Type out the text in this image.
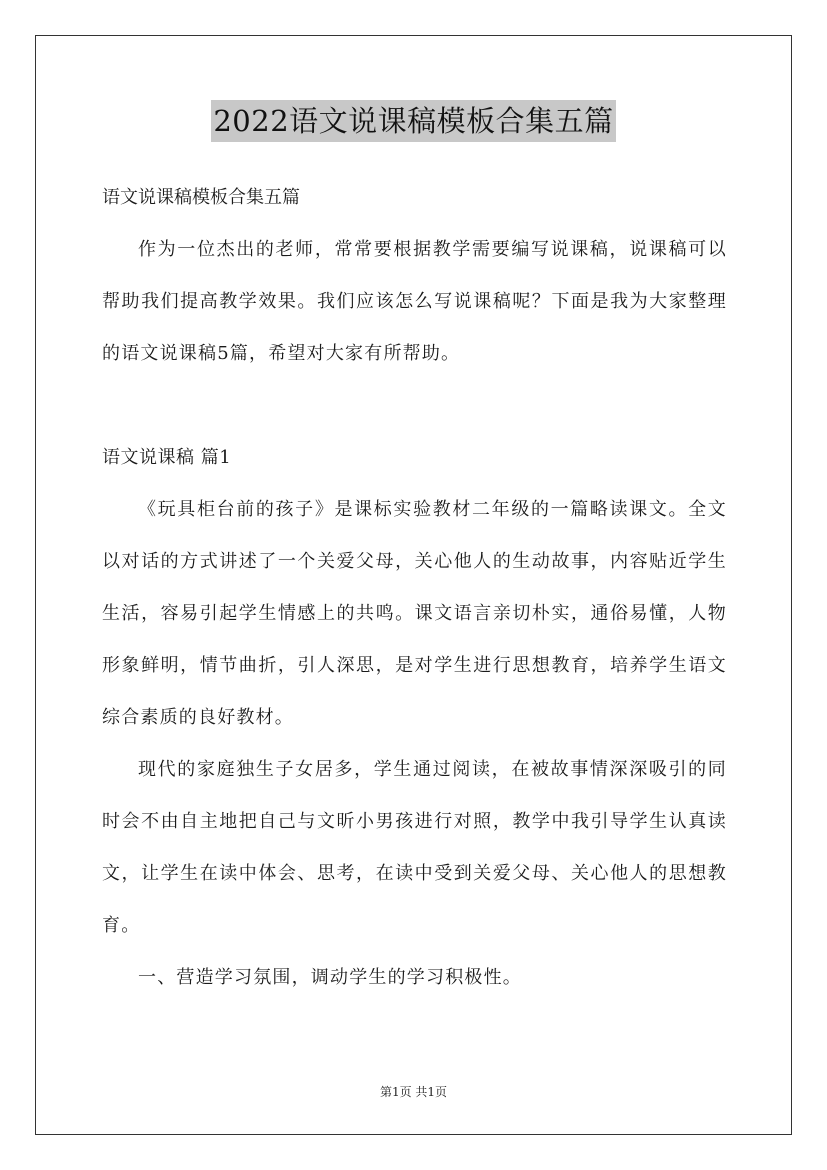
2022语文说课稿模板合集五篇

语文说课稿模板合集五篇

作为一位杰出的老师，常常要根据教学需要编写说课稿，说课稿可以帮助我们提高教学效果。我们应该怎么写说课稿呢？下面是我为大家整理的语文说课稿5篇，希望对大家有所帮助。

语文说课稿 篇1

《玩具柜台前的孩子》是课标实验教材二年级的一篇略读课文。全文以对话的方式讲述了一个关爱父母，关心他人的生动故事，内容贴近学生生活，容易引起学生情感上的共鸣。课文语言亲切朴实，通俗易懂，人物形象鲜明，情节曲折，引人深思，是对学生进行思想教育，培养学生语文综合素质的良好教材。

现代的家庭独生子女居多，学生通过阅读，在被故事情深深吸引的同时会不由自主地把自己与文昕小男孩进行对照，教学中我引导学生认真读文，让学生在读中体会、思考，在读中受到关爱父母、关心他人的思想教育。

一、营造学习氛围，调动学生的学习积极性。

第1页 共1页
